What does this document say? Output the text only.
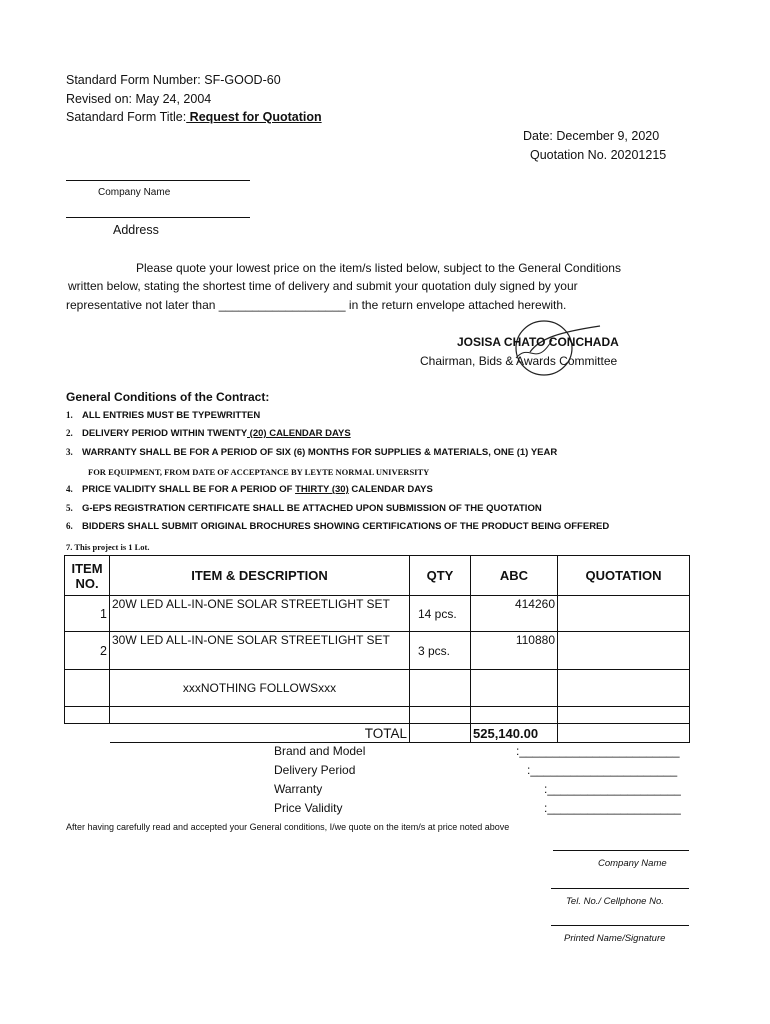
Standard Form Number: SF-GOOD-60
Revised on: May 24, 2004
Satandard Form Title: Request for Quotation
Date: December 9, 2020
Quotation No. 20201215
Company Name
Address
Please quote your lowest price on the item/s listed below, subject to the General Conditions
written below, stating the shortest time of delivery and submit your quotation duly signed by your
representative not later than ___________________ in the return envelope attached herewith.
JOSISA CHATO CONCHADA
Chairman, Bids & Awards Committee
General Conditions of the Contract:
1. ALL ENTRIES MUST BE TYPEWRITTEN
2. DELIVERY PERIOD WITHIN TWENTY (20) CALENDAR DAYS
3. WARRANTY SHALL BE FOR A PERIOD OF SIX (6) MONTHS FOR SUPPLIES & MATERIALS, ONE (1) YEAR
FOR EQUIPMENT, FROM DATE OF ACCEPTANCE BY LEYTE NORMAL UNIVERSITY
4. PRICE VALIDITY SHALL BE FOR A PERIOD OF THIRTY (30) CALENDAR DAYS
5. G-EPS REGISTRATION CERTIFICATE SHALL BE ATTACHED UPON SUBMISSION OF THE QUOTATION
6. BIDDERS SHALL SUBMIT ORIGINAL BROCHURES SHOWING CERTIFICATIONS OF THE PRODUCT BEING OFFERED
7. This project is 1 Lot.
ITEM NO.	ITEM & DESCRIPTION	QTY	ABC	QUOTATION
1	20W LED ALL-IN-ONE SOLAR STREETLIGHT SET	14 pcs.	414260	
2	30W LED ALL-IN-ONE SOLAR STREETLIGHT SET	3 pcs.	110880	
	xxxNOTHING FOLLOWSxxx			

	TOTAL		525,140.00	
Brand and Model	:________________________
Delivery Period	:______________________
Warranty	:____________________
Price Validity	:____________________
After having carefully read and accepted your General conditions, I/we quote on the item/s at price noted above
Company Name
Tel. No./ Cellphone No.
Printed Name/Signature
